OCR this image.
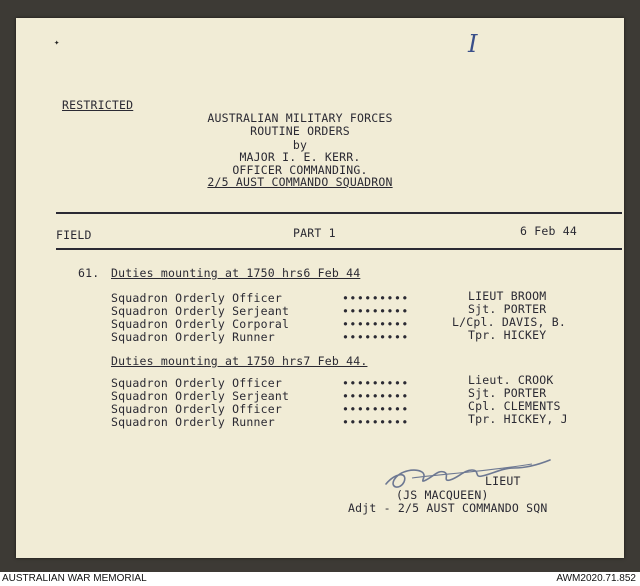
✦	I
RESTRICTED
AUSTRALIAN MILITARY FORCES
ROUTINE ORDERS
by
MAJOR I. E. KERR.
OFFICER COMMANDING.
2/5 AUST COMMANDO SQUADRON
FIELD	PART 1	6 Feb 44
61. Duties mounting at 1750 hrs6 Feb 44
Squadron Orderly Officer	•••••••••	LIEUT BROOM
Squadron Orderly Serjeant	•••••••••	Sjt. PORTER
Squadron Orderly Corporal	•••••••••	L/Cpl. DAVIS, B.
Squadron Orderly Runner	•••••••••	Tpr. HICKEY
Duties mounting at 1750 hrs7 Feb 44.
Squadron Orderly Officer	•••••••••	Lieut. CROOK
Squadron Orderly Serjeant	•••••••••	Sjt. PORTER
Squadron Orderly Officer	•••••••••	Cpl. CLEMENTS
Squadron Orderly Runner	•••••••••	Tpr. HICKEY, J
LIEUT
(JS MACQUEEN)
Adjt - 2/5 AUST COMMANDO SQN
AUSTRALIAN WAR MEMORIAL	AWM2020.71.852
